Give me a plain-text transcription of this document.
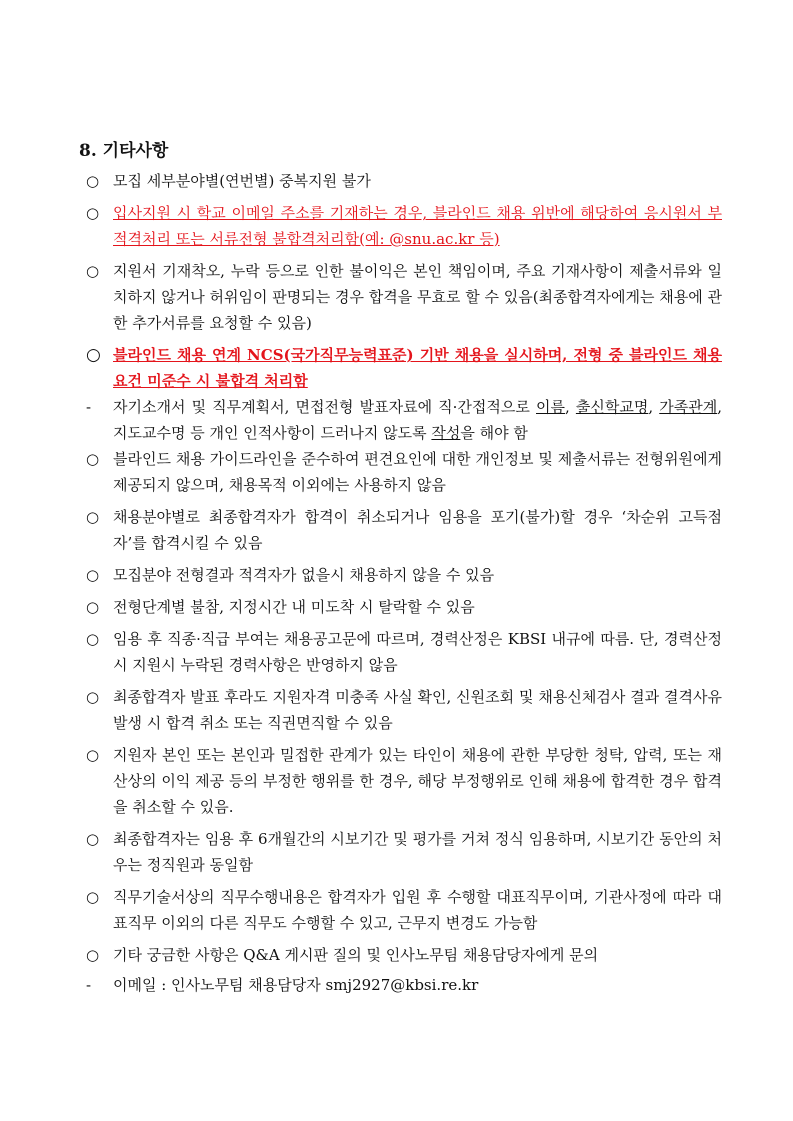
8. 기타사항

○ 모집 세부분야별(연번별) 중복지원 불가

○ 입사지원 시 학교 이메일 주소를 기재하는 경우, 블라인드 채용 위반에 해당하여 응시원서 부적격처리 또는 서류전형 불합격처리함(예: @snu.ac.kr 등)

○ 지원서 기재착오, 누락 등으로 인한 불이익은 본인 책임이며, 주요 기재사항이 제출서류와 일치하지 않거나 허위임이 판명되는 경우 합격을 무효로 할 수 있음(최종합격자에게는 채용에 관한 추가서류를 요청할 수 있음)

○ 블라인드 채용 연계 NCS(국가직무능력표준) 기반 채용을 실시하며, 전형 중 블라인드 채용 요건 미준수 시 불합격 처리함

- 자기소개서 및 직무계획서, 면접전형 발표자료에 직·간접적으로 이름, 출신학교명, 가족관계, 지도교수명 등 개인 인적사항이 드러나지 않도록 작성을 해야 함

○ 블라인드 채용 가이드라인을 준수하여 편견요인에 대한 개인정보 및 제출서류는 전형위원에게 제공되지 않으며, 채용목적 이외에는 사용하지 않음

○ 채용분야별로 최종합격자가 합격이 취소되거나 임용을 포기(불가)할 경우 ‘차순위 고득점자’를 합격시킬 수 있음

○ 모집분야 전형결과 적격자가 없을시 채용하지 않을 수 있음

○ 전형단계별 불참, 지정시간 내 미도착 시 탈락할 수 있음

○ 임용 후 직종·직급 부여는 채용공고문에 따르며, 경력산정은 KBSI 내규에 따름. 단, 경력산정시 지원시 누락된 경력사항은 반영하지 않음

○ 최종합격자 발표 후라도 지원자격 미충족 사실 확인, 신원조회 및 채용신체검사 결과 결격사유 발생 시 합격 취소 또는 직권면직할 수 있음

○ 지원자 본인 또는 본인과 밀접한 관계가 있는 타인이 채용에 관한 부당한 청탁, 압력, 또는 재산상의 이익 제공 등의 부정한 행위를 한 경우, 해당 부정행위로 인해 채용에 합격한 경우 합격을 취소할 수 있음.

○ 최종합격자는 임용 후 6개월간의 시보기간 및 평가를 거쳐 정식 임용하며, 시보기간 동안의 처우는 정직원과 동일함

○ 직무기술서상의 직무수행내용은 합격자가 입원 후 수행할 대표직무이며, 기관사정에 따라 대표직무 이외의 다른 직무도 수행할 수 있고, 근무지 변경도 가능함

○ 기타 궁금한 사항은 Q&A 게시판 질의 및 인사노무팀 채용담당자에게 문의

- 이메일 : 인사노무팀 채용담당자 smj2927@kbsi.re.kr
